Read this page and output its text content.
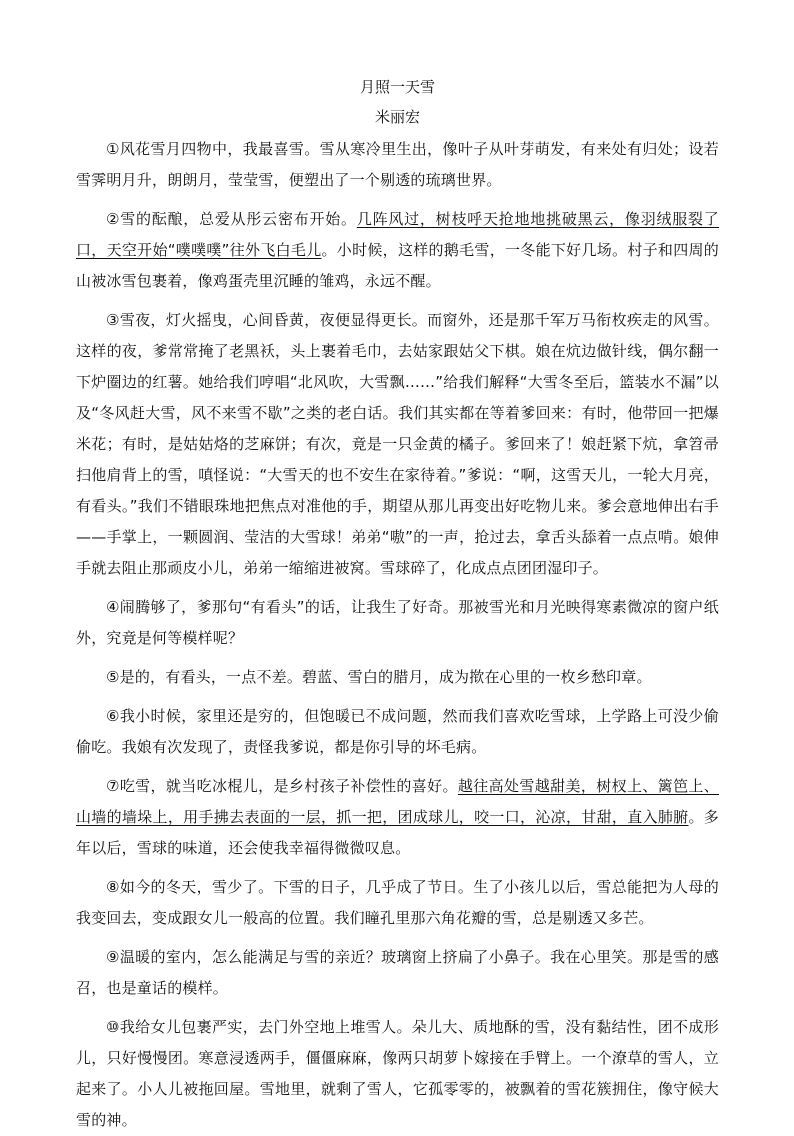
月照一天雪

米丽宏

①风花雪月四物中，我最喜雪。雪从寒冷里生出，像叶子从叶芽萌发，有来处有归处；设若雪霁明月升，朗朗月，莹莹雪，便塑出了一个剔透的琉璃世界。

②雪的酝酿，总爱从彤云密布开始。几阵风过，树枝呼天抢地地挑破黑云，像羽绒服裂了口，天空开始“噗噗噗”往外飞白毛儿。小时候，这样的鹅毛雪，一冬能下好几场。村子和四周的山被冰雪包裹着，像鸡蛋壳里沉睡的雏鸡，永远不醒。

③雪夜，灯火摇曳，心间昏黄，夜便显得更长。而窗外，还是那千军万马衔枚疾走的风雪。这样的夜，爹常常掩了老黑袄，头上裹着毛巾，去姑家跟姑父下棋。娘在炕边做针线，偶尔翻一下炉圈边的红薯。她给我们哼唱“北风吹，大雪飘……”给我们解释“大雪冬至后，篮装水不漏”以及“冬风赶大雪，风不来雪不歇”之类的老白话。我们其实都在等着爹回来：有时，他带回一把爆米花；有时，是姑姑烙的芝麻饼；有次，竟是一只金黄的橘子。爹回来了！娘赶紧下炕，拿笤帚扫他肩背上的雪，嗔怪说：“大雪天的也不安生在家待着。”爹说：“啊，这雪天儿，一轮大月亮，有看头。”我们不错眼珠地把焦点对准他的手，期望从那儿再变出好吃物儿来。爹会意地伸出右手——手掌上，一颗圆润、莹洁的大雪球！弟弟“嗷”的一声，抢过去，拿舌头舔着一点点啃。娘伸手就去阻止那顽皮小儿，弟弟一缩缩进被窝。雪球碎了，化成点点团团湿印子。

④闹腾够了，爹那句“有看头”的话，让我生了好奇。那被雪光和月光映得寒素微凉的窗户纸外，究竟是何等模样呢？

⑤是的，有看头，一点不差。碧蓝、雪白的腊月，成为揿在心里的一枚乡愁印章。

⑥我小时候，家里还是穷的，但饱暖已不成问题，然而我们喜欢吃雪球，上学路上可没少偷偷吃。我娘有次发现了，责怪我爹说，都是你引导的坏毛病。

⑦吃雪，就当吃冰棍儿，是乡村孩子补偿性的喜好。越往高处雪越甜美，树杈上、篱笆上、山墙的墙垛上，用手拂去表面的一层，抓一把，团成球儿，咬一口，沁凉，甘甜，直入肺腑。多年以后，雪球的味道，还会使我幸福得微微叹息。

⑧如今的冬天，雪少了。下雪的日子，几乎成了节日。生了小孩儿以后，雪总能把为人母的我变回去，变成跟女儿一般高的位置。我们瞳孔里那六角花瓣的雪，总是剔透又多芒。

⑨温暖的室内，怎么能满足与雪的亲近？玻璃窗上挤扁了小鼻子。我在心里笑。那是雪的感召，也是童话的模样。

⑩我给女儿包裹严实，去门外空地上堆雪人。朵儿大、质地酥的雪，没有黏结性，团不成形儿，只好慢慢团。寒意浸透两手，僵僵麻麻，像两只胡萝卜嫁接在手臂上。一个潦草的雪人，立起来了。小人儿被拖回屋。雪地里，就剩了雪人，它孤零零的，被飘着的雪花簇拥住，像守候大雪的神。
